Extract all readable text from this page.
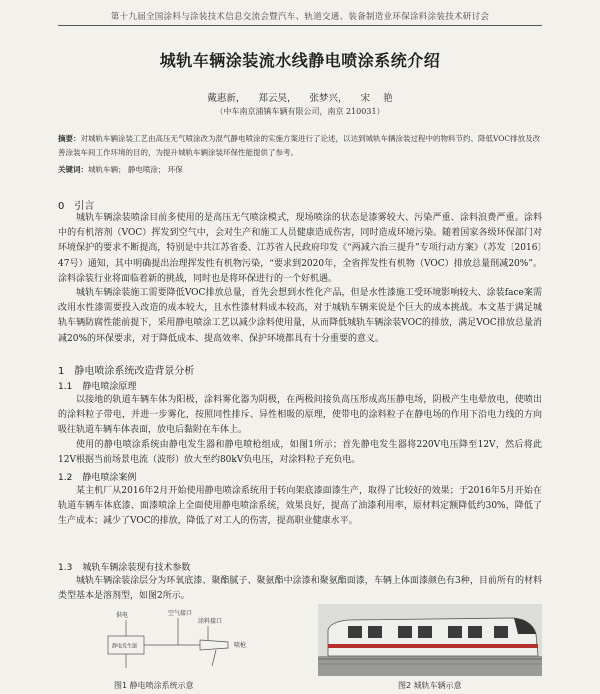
第十九届全国涂料与涂装技术信息交流会暨汽车、轨道交通、装备制造业环保涂料涂装技术研讨会
城轨车辆涂装流水线静电喷涂系统介绍
戴惠新， 郑云昊， 张梦兴， 宋 艳
（中车南京浦镇车辆有限公司，南京 210031）
摘要：对城轨车辆涂装工艺由高压无气喷涂改为混气静电喷涂的实施方案进行了论述，以达到城轨车辆涂装过程中的物料节约、降低VOC排放及改善涂装车间工作环境的目的，为提升城轨车辆涂装环保性能提供了参考。
关键词：城轨车辆； 静电喷涂； 环保
0 引言
城轨车辆涂装喷涂目前多使用的是高压无气喷涂模式，现场喷涂的状态是漆雾较大、污染严重、涂料浪费严重。涂料中的有机溶剂（VOC）挥发到空气中，会对生产和施工人员健康造成伤害，同时造成环境污染。随着国家各级环保部门对环境保护的要求不断提高，特别是中共江苏省委、江苏省人民政府印发《“两减六治三提升”专项行动方案》（苏发〔2016〕47号）通知，其中明确提出治理挥发性有机物污染，“要求到2020年，全省挥发性有机物（VOC）排放总量削减20%”。涂料涂装行业将面临着新的挑战，同时也是将环保进行的一个好机遇。
城轨车辆涂装施工需要降低VOC排放总量，首先会想到水性化产品，但是水性漆施工受环境影响较大、涂装face案需改用水性漆需要投入改造的成本较大，且水性漆材料成本较高，对于城轨车辆来说是个巨大的成本挑战。本文基于满足城轨车辆防腐性能前提下，采用静电喷涂工艺以减少涂料使用量，从而降低城轨车辆涂装VOC的排放，满足VOC排放总量消减20%的环保要求，对于降低成本、提高效率、保护环境都具有十分重要的意义。
1 静电喷涂系统改造背景分析
1.1 静电喷涂原理
以接地的轨道车辆车体为阳极，涂料雾化器为阴极，在两极间接负高压形成高压静电场，阴极产生电晕放电，使喷出的涂料粒子带电，并进一步雾化，按照同性排斥、异性相吸的原理，使带电的涂料粒子在静电场的作用下沿电力线的方向吸往轨道车辆车体表面，放电后黏附在车体上。
使用的静电喷涂系统由静电发生器和静电喷枪组成，如图1所示；首先静电发生器将220V电压降至12V，然后将此12V根据当前场景电流（波形）放大至约80kV负电压，对涂料粒子充负电。
1.2 静电喷涂案例
某主机厂从2016年2月开始使用静电喷涂系统用于转向架底漆面漆生产，取得了比较好的效果；于2016年5月开始在轨道车辆车体底漆、面漆喷涂上全面使用静电喷涂系统，效果良好，提高了油漆利用率，原材料定额降低约30%，降低了生产成本；减少了VOC的排放，降低了对工人的伤害，提高职业健康水平。
1.3 城轨车辆涂装现有技术参数
城轨车辆涂装涂层分为环氧底漆、聚酯腻子、聚氨酯中涂漆和聚氨酯面漆，车辆上体面漆颜色有3种，目前所有的材料类型基本是溶剂型，如图2所示。
供电	空气接口
静电发生器	喷枪
涂料接口
图1 静电喷涂系统示意	图2 城轨车辆示意
